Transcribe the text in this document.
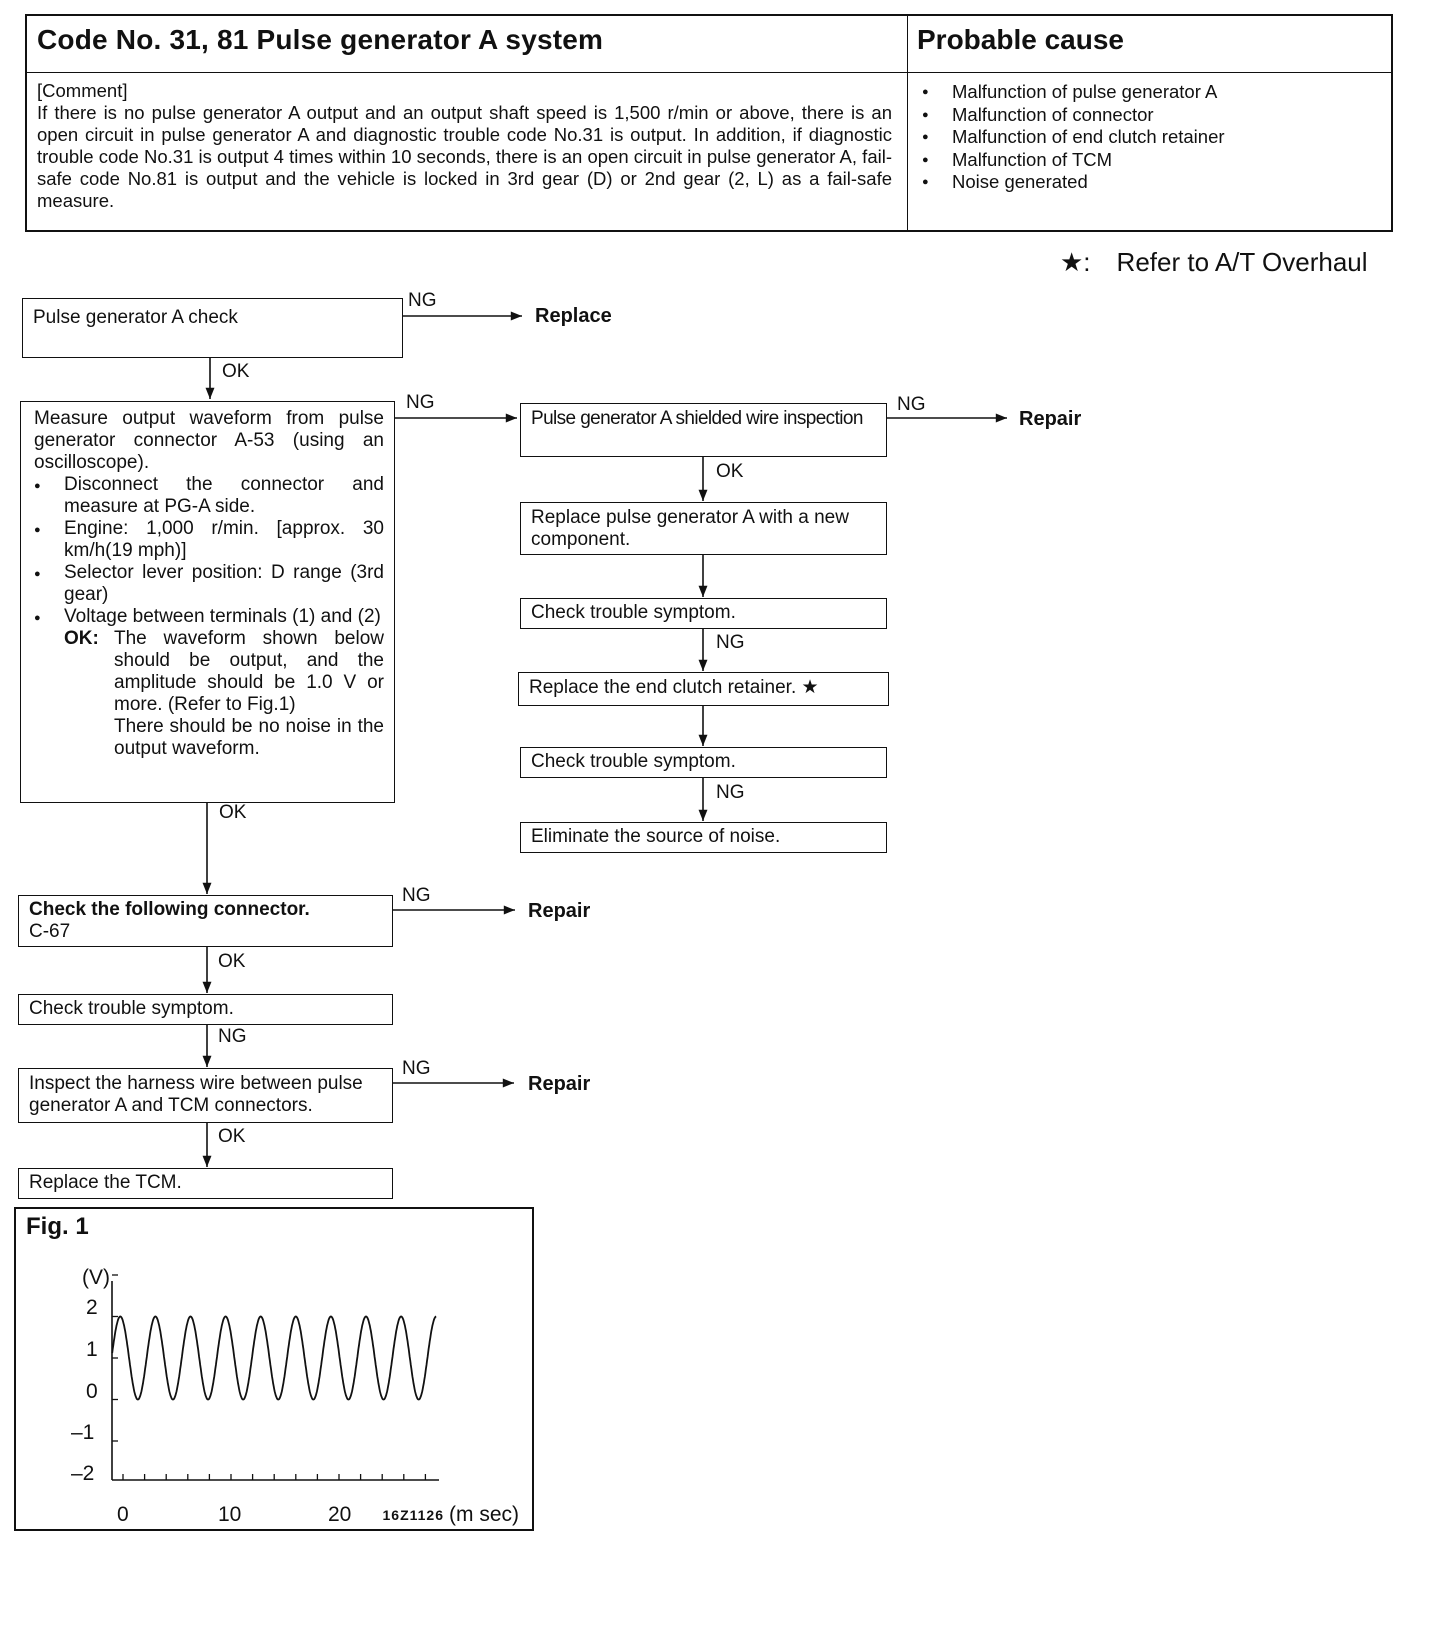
Code No. 31, 81 Pulse generator A system	Probable cause
[Comment]
If there is no pulse generator A output and an output shaft speed is 1,500 r/min or above, there is an open circuit in pulse generator A and diagnostic trouble code No.31 is output. In addition, if diagnostic trouble code No.31 is output 4 times within 10 seconds, there is an open circuit in pulse generator A, fail-safe code No.81 is output and the vehicle is locked in 3rd gear (D) or 2nd gear (2, L) as a fail-safe measure.
● Malfunction of pulse generator A
● Malfunction of connector
● Malfunction of end clutch retainer
● Malfunction of TCM
● Noise generated
★: Refer to A/T Overhaul
Pulse generator A check
NG
Replace
OK
Measure output waveform from pulse generator connector A-53 (using an oscilloscope).
● Disconnect the connector and measure at PG-A side.
● Engine: 1,000 r/min. [approx. 30 km/h(19 mph)]
● Selector lever position: D range (3rd gear)
● Voltage between terminals (1) and (2)
OK: The waveform shown below should be output, and the amplitude should be 1.0 V or more. (Refer to Fig.1)
There should be no noise in the output waveform.
NG
OK
Check the following connector.
C-67
NG
Repair
OK
Check trouble symptom.
NG
Inspect the harness wire between pulse generator A and TCM connectors.
NG
Repair
OK
Replace the TCM.
Pulse generator A shielded wire inspection
NG
Repair
OK
Replace pulse generator A with a new component.
Check trouble symptom.
NG
Replace the end clutch retainer. ★
Check trouble symptom.
NG
Eliminate the source of noise.
Fig. 1
(V)
2
1
0
–1
–2
0	10	20	(m sec)
16Z1126
